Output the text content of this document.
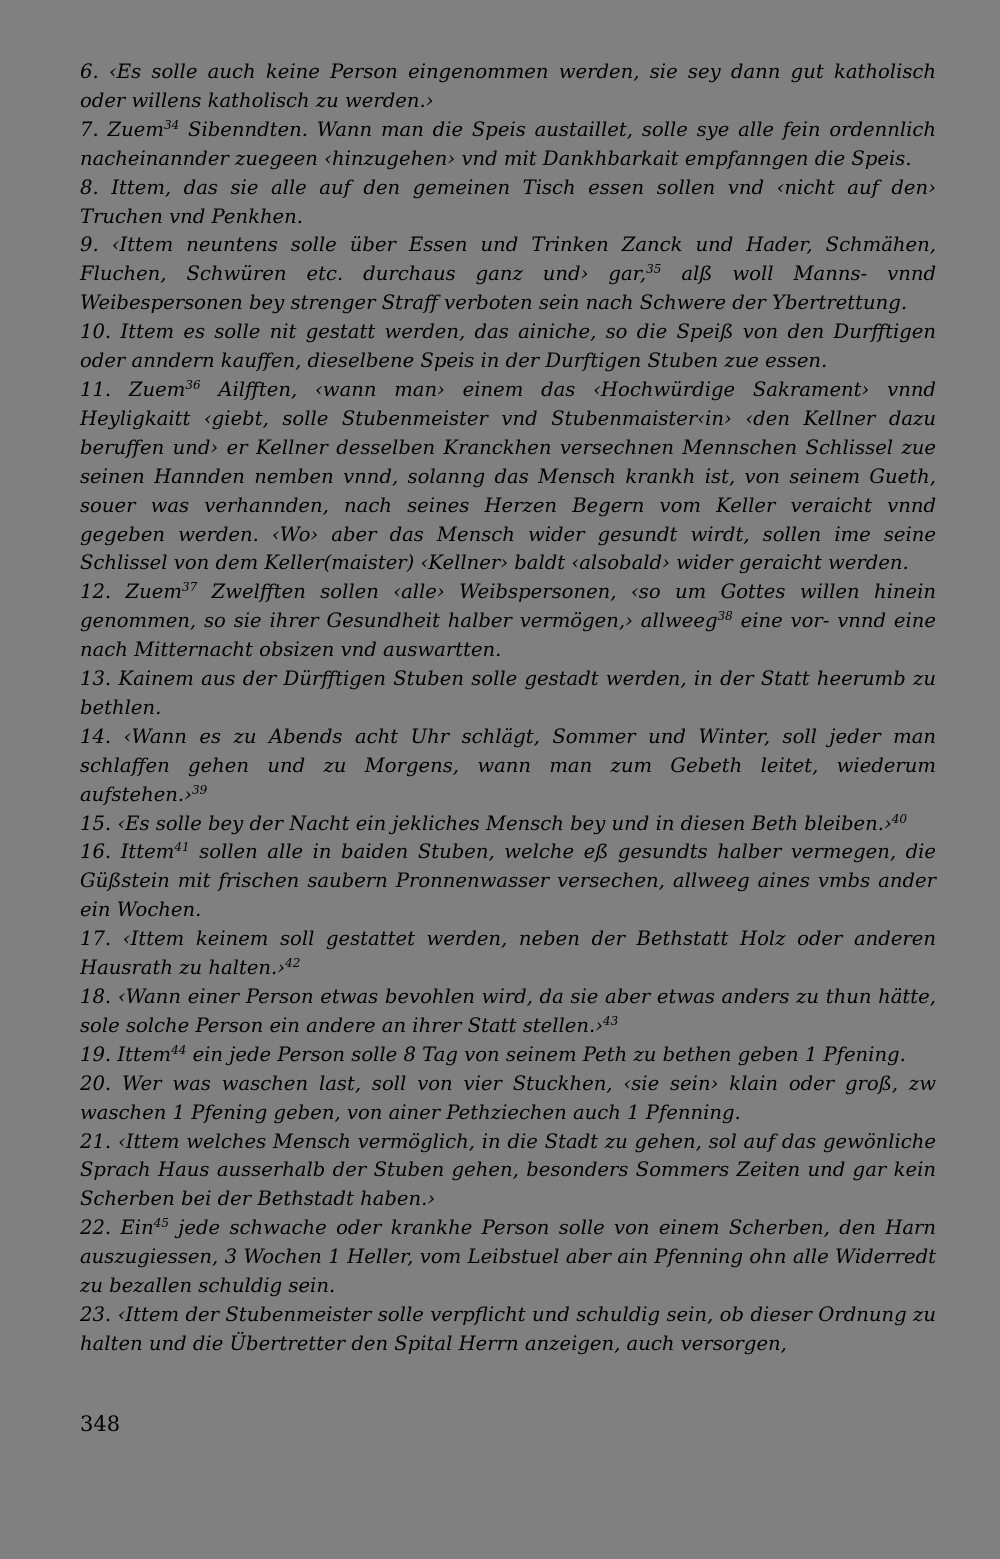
6. ‹Es solle auch keine Person eingenommen werden, sie sey dann gut katholisch oder willens katholisch zu werden.›

7. Zuem$^{34}$ Sibenndten. Wann man die Speis austaillet, solle sye alle fein ordennlich nacheinannder zuegeen ‹hinzugehen› vnd mit Dankhbarkait empfanngen die Speis.

8. Ittem, das sie alle auf den gemeinen Tisch essen sollen vnd ‹nicht auf den› Truchen vnd Penkhen.

9. ‹Ittem neuntens solle über Essen und Trinken Zanck und Hader, Schmähen, Fluchen, Schwüren etc. durchaus ganz und› gar,$^{35}$ alß woll Manns- vnnd Weibespersonen bey strenger Straff verboten sein nach Schwere der Ybertrettung.

10. Ittem es solle nit gestatt werden, das ainiche, so die Speiß von den Durfftigen oder anndern kauffen, dieselbene Speis in der Durftigen Stuben zue essen.

11. Zuem$^{36}$ Ailfften, ‹wann man› einem das ‹Hochwürdige Sakrament› vnnd Heyligkaitt ‹giebt, solle Stubenmeister vnd Stubenmaister‹in› ‹den Kellner dazu beruffen und› er Kellner desselben Kranckhen versechnen Mennschen Schlissel zue seinen Hannden nemben vnnd, solanng das Mensch krankh ist, von seinem Gueth, souer was verhannden, nach seines Herzen Begern vom Keller veraicht vnnd gegeben werden. ‹Wo› aber das Mensch wider gesundt wirdt, sollen ime seine Schlissel von dem Keller(maister) ‹Kellner› baldt ‹alsobald› wider geraicht werden.

12. Zuem$^{37}$ Zwelfften sollen ‹alle› Weibspersonen, ‹so um Gottes willen hinein genommen, so sie ihrer Gesundheit halber vermögen,› allweeg$^{38}$ eine vor- vnnd eine nach Mitternacht obsizen vnd auswartten.

13. Kainem aus der Dürfftigen Stuben solle gestadt werden, in der Statt heerumb zu bethlen.

14. ‹Wann es zu Abends acht Uhr schlägt, Sommer und Winter, soll jeder man schlaffen gehen und zu Morgens, wann man zum Gebeth leitet, wiederum aufstehen.›$^{39}$

15. ‹Es solle bey der Nacht ein jekliches Mensch bey und in diesen Beth bleiben.›$^{40}$

16. Ittem$^{41}$ sollen alle in baiden Stuben, welche eß gesundts halber vermegen, die Güßstein mit frischen saubern Pronnenwasser versechen, allweeg aines vmbs ander ein Wochen.

17. ‹Ittem keinem soll gestattet werden, neben der Bethstatt Holz oder anderen Hausrath zu halten.›$^{42}$

18. ‹Wann einer Person etwas bevohlen wird, da sie aber etwas anders zu thun hätte, sole solche Person ein andere an ihrer Statt stellen.›$^{43}$

19. Ittem$^{44}$ ein jede Person solle 8 Tag von seinem Peth zu bethen geben 1 Pfening.

20. Wer was waschen last, soll von vier Stuckhen, ‹sie sein› klain oder groß, zw waschen 1 Pfening geben, von ainer Pethziechen auch 1 Pfenning.

21. ‹Ittem welches Mensch vermöglich, in die Stadt zu gehen, sol auf das gewönliche Sprach Haus ausserhalb der Stuben gehen, besonders Sommers Zeiten und gar kein Scherben bei der Bethstadt haben.›

22. Ein$^{45}$ jede schwache oder krankhe Person solle von einem Scherben, den Harn auszugiessen, 3 Wochen 1 Heller, vom Leibstuel aber ain Pfenning ohn alle Widerredt zu bezallen schuldig sein.

23. ‹Ittem der Stubenmeister solle verpflicht und schuldig sein, ob dieser Ordnung zu halten und die Übertretter den Spital Herrn anzeigen, auch versorgen,

348
